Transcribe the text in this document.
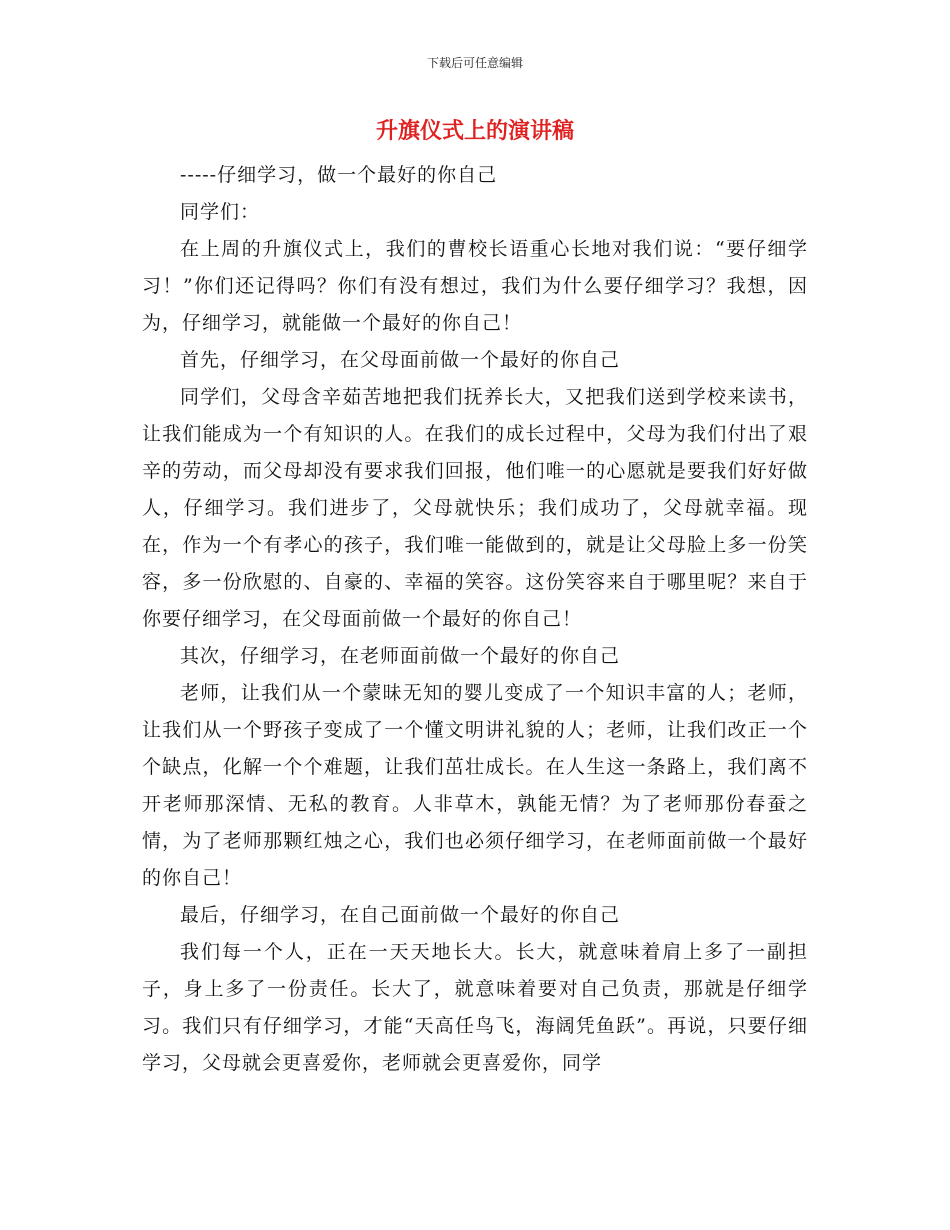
下载后可任意编辑
升旗仪式上的演讲稿

-----仔细学习，做一个最好的你自己

同学们：

在上周的升旗仪式上，我们的曹校长语重心长地对我们说：“要仔细学习！”你们还记得吗？你们有没有想过，我们为什么要仔细学习？我想，因为，仔细学习，就能做一个最好的你自己！

首先，仔细学习，在父母面前做一个最好的你自己

同学们，父母含辛茹苦地把我们抚养长大，又把我们送到学校来读书，让我们能成为一个有知识的人。在我们的成长过程中，父母为我们付出了艰辛的劳动，而父母却没有要求我们回报，他们唯一的心愿就是要我们好好做人，仔细学习。我们进步了，父母就快乐；我们成功了，父母就幸福。现在，作为一个有孝心的孩子，我们唯一能做到的，就是让父母脸上多一份笑容，多一份欣慰的、自豪的、幸福的笑容。这份笑容来自于哪里呢？来自于你要仔细学习，在父母面前做一个最好的你自己！

其次，仔细学习，在老师面前做一个最好的你自己

老师，让我们从一个蒙昧无知的婴儿变成了一个知识丰富的人；老师，让我们从一个野孩子变成了一个懂文明讲礼貌的人；老师，让我们改正一个个缺点，化解一个个难题，让我们茁壮成长。在人生这一条路上，我们离不开老师那深情、无私的教育。人非草木，孰能无情？为了老师那份春蚕之情，为了老师那颗红烛之心，我们也必须仔细学习，在老师面前做一个最好的你自己！

最后，仔细学习，在自己面前做一个最好的你自己

我们每一个人，正在一天天地长大。长大，就意味着肩上多了一副担子，身上多了一份责任。长大了，就意味着要对自己负责，那就是仔细学习。我们只有仔细学习，才能“天高任鸟飞，海阔凭鱼跃”。再说，只要仔细学习，父母就会更喜爱你，老师就会更喜爱你，同学
